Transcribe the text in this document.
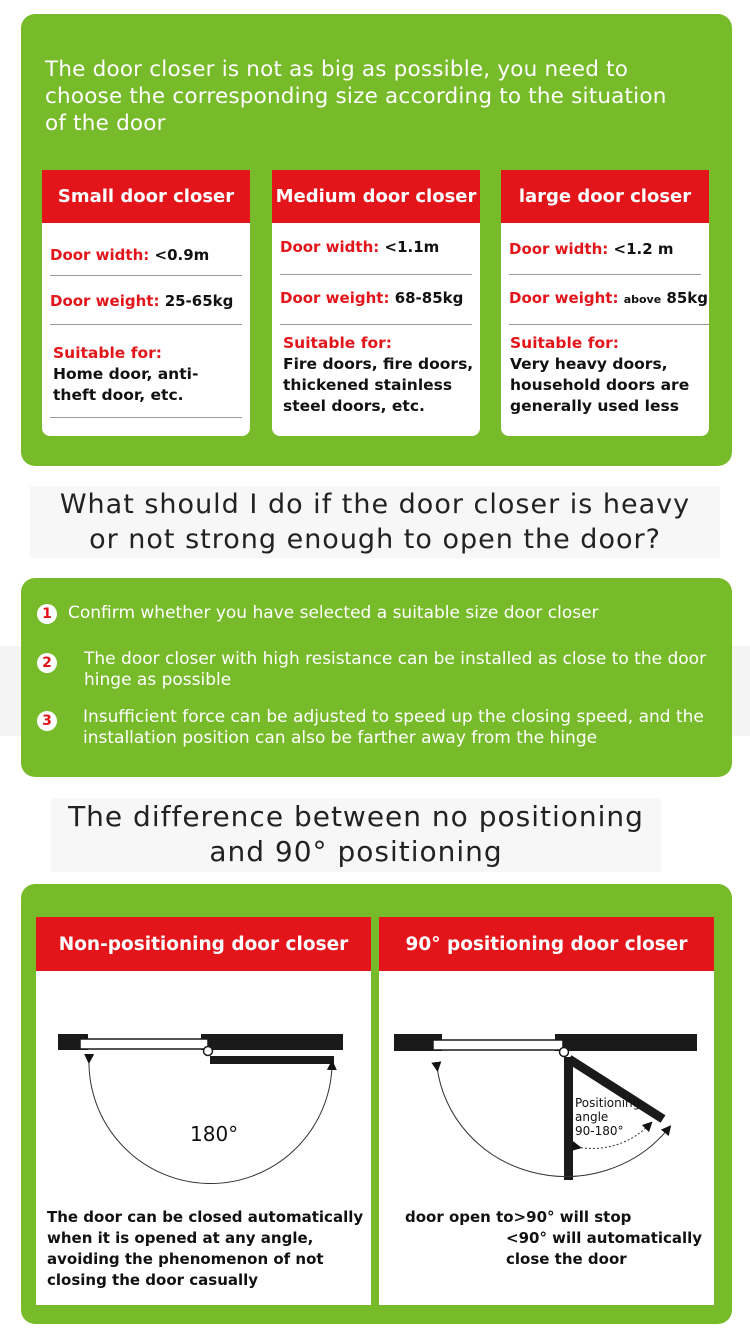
The door closer is not as big as possible, you need to
choose the corresponding size according to the situation
of the door
Small door closer
Door width: <0.9m
Door weight: 25-65kg
Suitable for:
Home door, anti-theft door, etc.
Medium door closer
Door width: <1.1m
Door weight: 68-85kg
Suitable for:
Fire doors, fire doors, thickened stainless steel doors, etc.
large door closer
Door width: <1.2 m
Door weight: above 85kg
Suitable for:
Very heavy doors, household doors are generally used less
What should I do if the door closer is heavy
or not strong enough to open the door?
1 Confirm whether you have selected a suitable size door closer
2	The door closer with high resistance can be installed as close to the door hinge as possible
3	Insufficient force can be adjusted to speed up the closing speed, and the installation position can also be farther away from the hinge
The difference between no positioning
and 90° positioning
Non-positioning door closer
180°
The door can be closed automatically when it is opened at any angle, avoiding the phenomenon of not closing the door casually
90° positioning door closer
Positioning
angle
90-180°
door open to>90° will stop
<90° will automatically
close the door
